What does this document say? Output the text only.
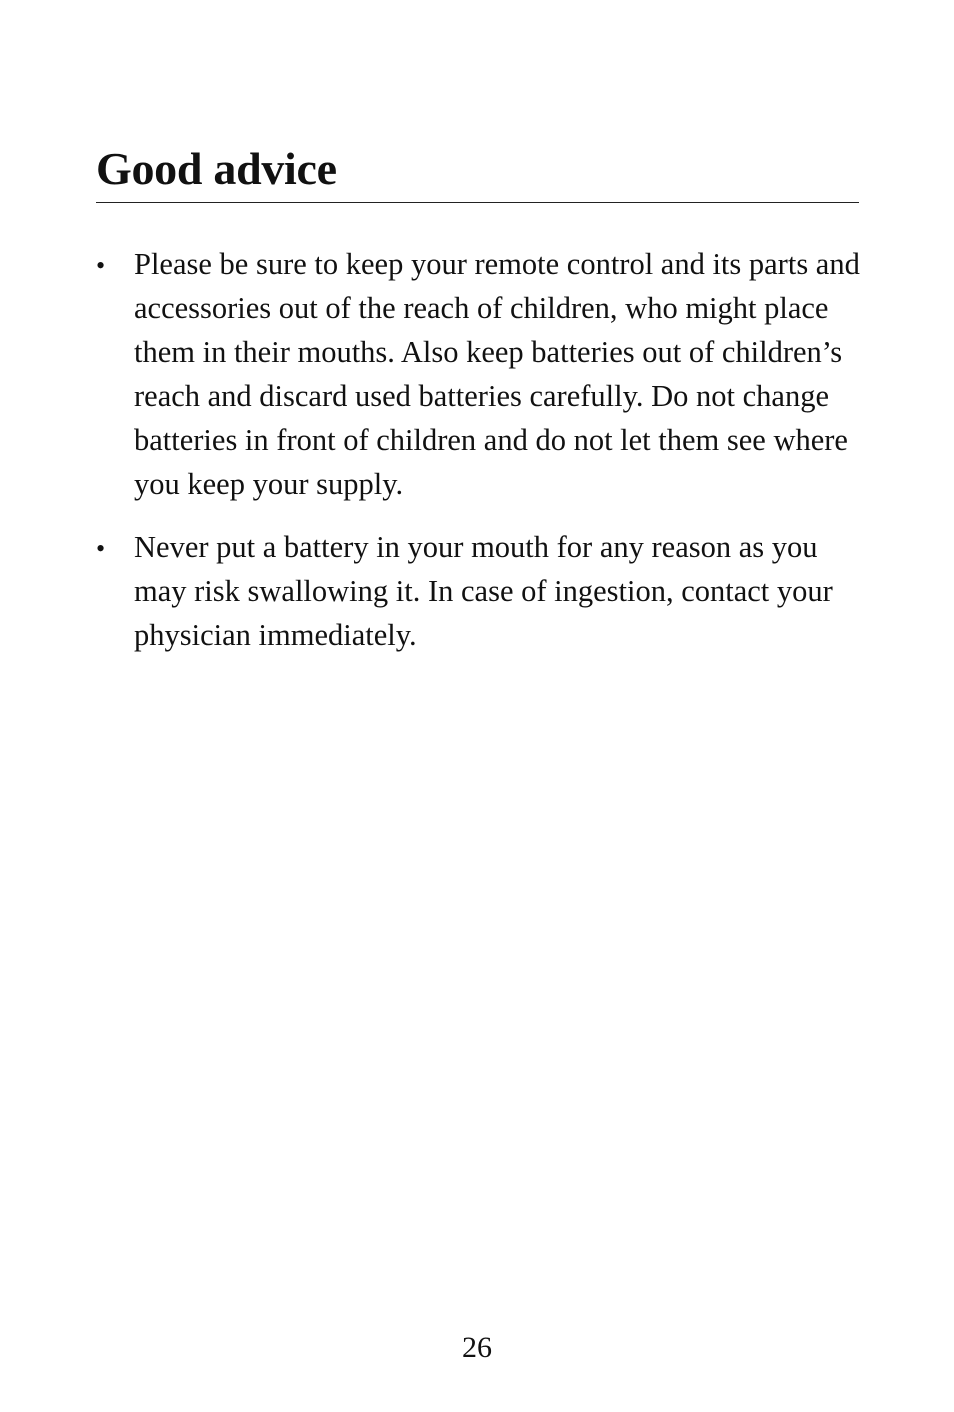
Good advice
• Please be sure to keep your remote control and its parts and accessories out of the reach of children, who might place them in their mouths. Also keep batteries out of children’s reach and discard used batteries carefully. Do not change batteries in front of children and do not let them see where you keep your supply.
• Never put a battery in your mouth for any reason as you may risk swallowing it. In case of ingestion, contact your physician immediately.
26
